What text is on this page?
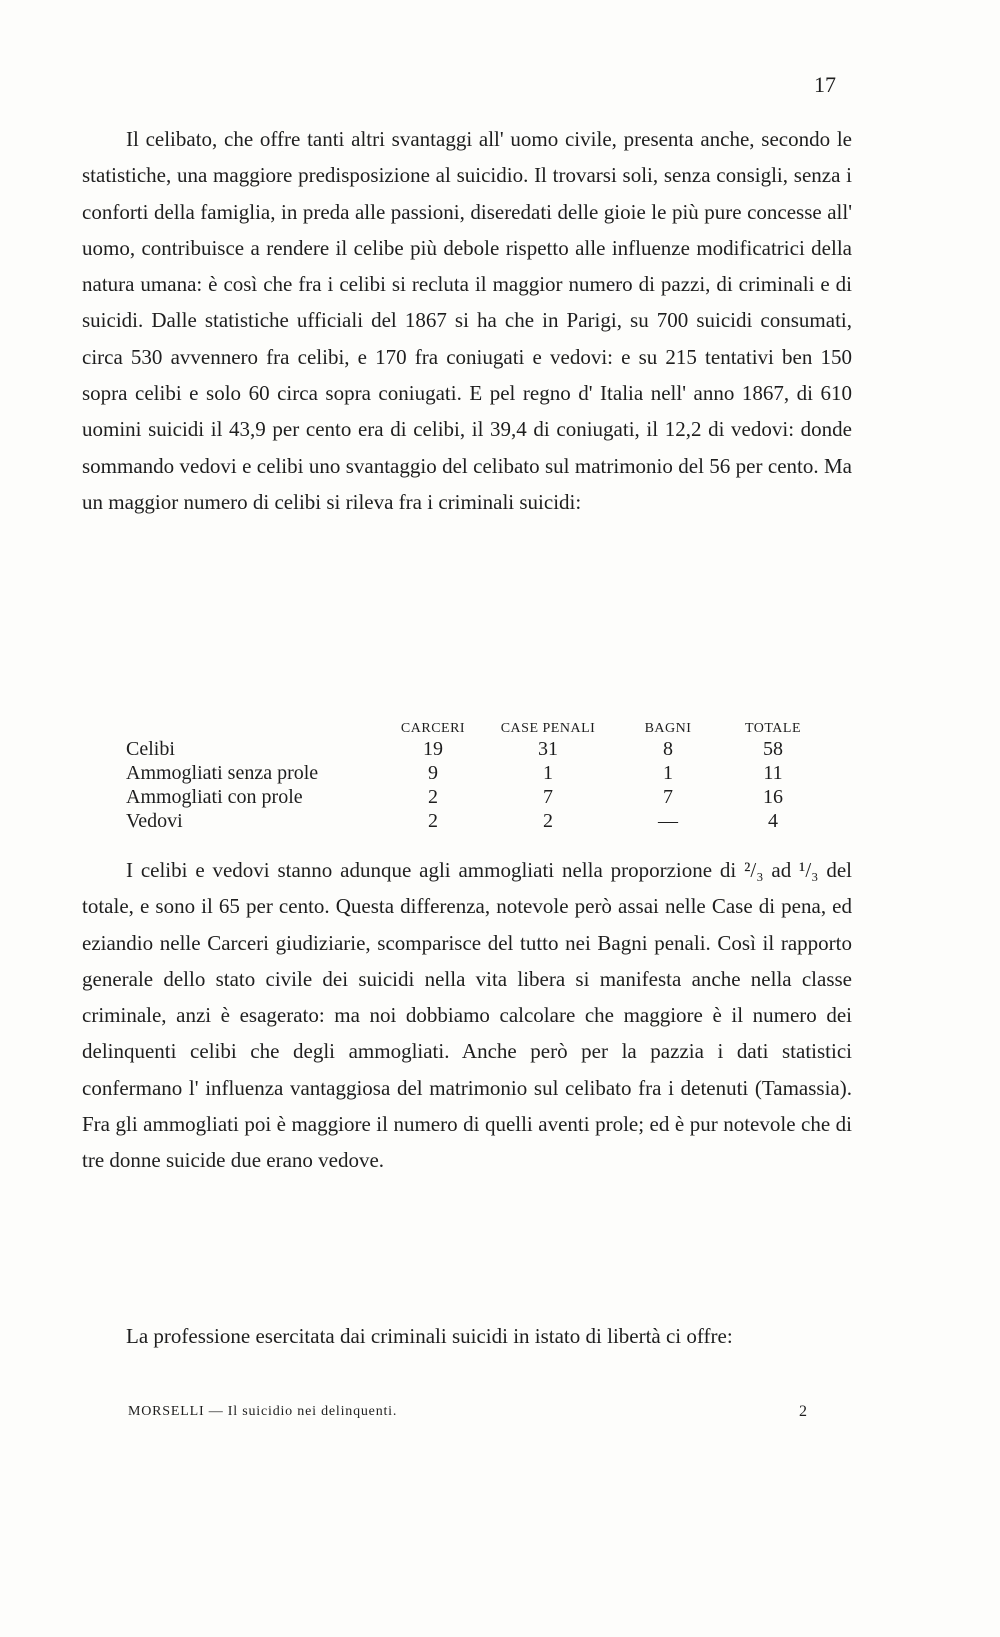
17

Il celibato, che offre tanti altri svantaggi all' uomo civile, presenta anche, secondo le statistiche, una maggiore predisposizione al suicidio. Il trovarsi soli, senza consigli, senza i conforti della famiglia, in preda alle passioni, diseredati delle gioie le più pure concesse all' uomo, contribuisce a rendere il celibe più debole rispetto alle influenze modificatrici della natura umana: è così che fra i celibi si recluta il maggior numero di pazzi, di criminali e di suicidi. Dalle statistiche ufficiali del 1867 si ha che in Parigi, su 700 suicidi consumati, circa 530 avvennero fra celibi, e 170 fra coniugati e vedovi: e su 215 tentativi ben 150 sopra celibi e solo 60 circa sopra coniugati. E pel regno d' Italia nell' anno 1867, di 610 uomini suicidi il 43,9 per cento era di celibi, il 39,4 di coniugati, il 12,2 di vedovi: donde sommando vedovi e celibi uno svantaggio del celibato sul matrimonio del 56 per cento. Ma un maggior numero di celibi si rileva fra i criminali suicidi:

	CARCERI	CASE PENALI	BAGNI	TOTALE
Celibi	19	31	8	58
Ammogliati senza prole	9	1	1	11
Ammogliati con prole	2	7	7	16
Vedovi	2	2	—	4

I celibi e vedovi stanno adunque agli ammogliati nella proporzione di ²/₃ ad ¹/₃ del totale, e sono il 65 per cento. Questa differenza, notevole però assai nelle Case di pena, ed eziandio nelle Carceri giudiziarie, scomparisce del tutto nei Bagni penali. Così il rapporto generale dello stato civile dei suicidi nella vita libera si manifesta anche nella classe criminale, anzi è esagerato: ma noi dobbiamo calcolare che maggiore è il numero dei delinquenti celibi che degli ammogliati. Anche però per la pazzia i dati statistici confermano l' influenza vantaggiosa del matrimonio sul celibato fra i detenuti (Tamassia). Fra gli ammogliati poi è maggiore il numero di quelli aventi prole; ed è pur notevole che di tre donne suicide due erano vedove.

La professione esercitata dai criminali suicidi in istato di libertà ci offre:

MORSELLI — Il suicidio nei delinquenti.	2
